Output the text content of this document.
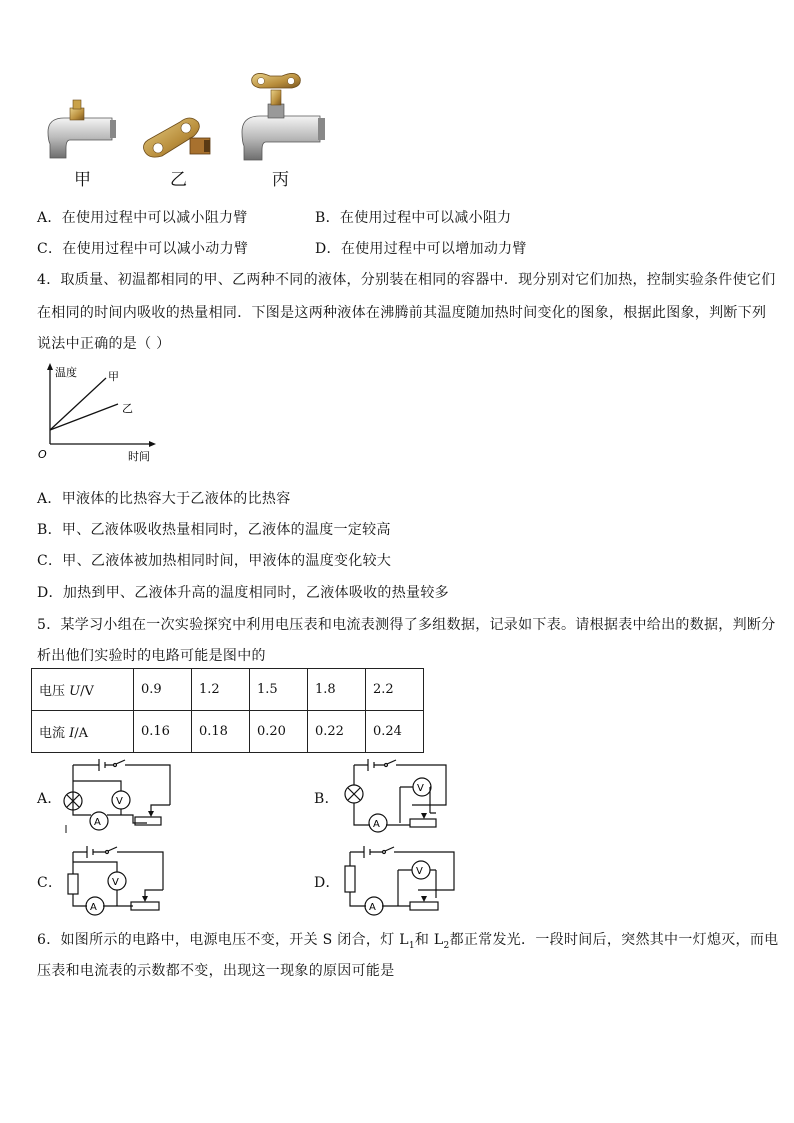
甲	乙	丙
A．在使用过程中可以减小阻力臂	B．在使用过程中可以减小阻力
C．在使用过程中可以减小动力臂	D．在使用过程中可以增加动力臂
4．取质量、初温都相同的甲、乙两种不同的液体，分别装在相同的容器中．现分别对它们加热，控制实验条件使它们
在相同的时间内吸收的热量相同．下图是这两种液体在沸腾前其温度随加热时间变化的图象，根据此图象，判断下列
说法中正确的是（ ）
温度	甲
乙
O	时间
A．甲液体的比热容大于乙液体的比热容
B．甲、乙液体吸收热量相同时，乙液体的温度一定较高
C．甲、乙液体被加热相同时间，甲液体的温度变化较大
D．加热到甲、乙液体升高的温度相同时，乙液体吸收的热量较多
5．某学习小组在一次实验探究中利用电压表和电流表测得了多组数据，记录如下表。请根据表中给出的数据，判断分
析出他们实验时的电路可能是图中的
电压 U/V	0.9	1.2	1.5	1.8	2.2
电流 I/A	0.16	0.18	0.20	0.22	0.24
A．	V
A
B．
V
A
C．	V
A
D．
V
A
6．如图所示的电路中，电源电压不变，开关 S 闭合，灯 $L_1$和 $L_2$都正常发光．一段时间后，突然其中一灯熄灭，而电
压表和电流表的示数都不变，出现这一现象的原因可能是
